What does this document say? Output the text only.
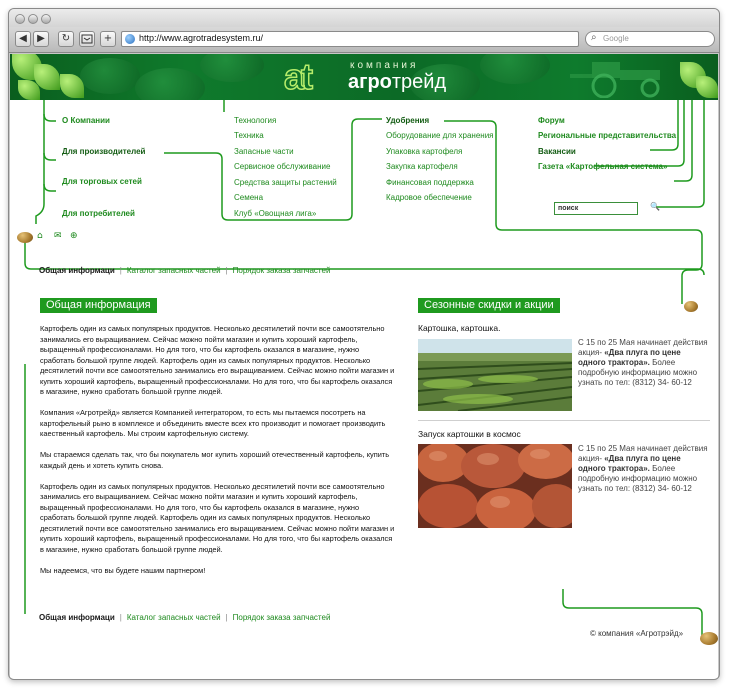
◀	▶	↻	+	http://www.agrotradesystem.ru/	⌕ Google
at	компания
агротрейд
О Компании
Для производителей
Для торговых сетей
Для потребителей
Технология
Техника
Запасные части
Сервисное обслуживание
Средства защиты растений
Семена
Клуб «Овощная лига»
Удобрения
Оборудование для хранения
Упаковка картофеля
Закупка картофеля
Финансовая поддержка
Кадровое обеспечение
Форум
Региональные представительства
Вакансии
Газета «Картофельная система»
поиск	🔍
⌂ ✉ ⊕
Общая информаци | Каталог запасных частей | Порядок заказа запчастей
Общая информация

Картофель один из самых популярных продуктов. Несколько десятилетий почти все самоотятельно занимались его выращиванием. Сейчас можно пойти магазин и купить хороший картофель, выращенный профессионалами. Но для того, что бы картофель оказался в магазине, нужно сработать большой группе людей. Картофель один из самых популярных продуктов. Несколько десятилетий почти все самоотятельно занимались его выращиванием. Сейчас можно пойти магазин и купить хороший картофель, выращенный профессионалами. Но для того, что бы картофель оказался в магазине, нужно сработать большой группе людей.

Компания «Агротрейд» является Компанией интегратором, то есть мы пытаемся посотреть на картофельный рыно в комплексе и объединить вместе всех кто производит и помогает производить каественный картофель. Мы строим картофельную систему.

Мы стараемся сделать так, что бы покупатель мог купить хороший отечественный картофель, купить каждый день и хотеть купить снова.

Картофель один из самых популярных продуктов. Несколько десятилетий почти все самоотятельно занимались его выращиванием. Сейчас можно пойти магазин и купить хороший картофель, выращенный профессионалами. Но для того, что бы картофель оказался в магазине, нужно сработать большой группе людей. Картофель один из самых популярных продуктов. Несколько десятилетий почти все самоотятельно занимались его выращиванием. Сейчас можно пойти магазин и купить хороший картофель, выращенный профессионалами. Но для того, что бы картофель оказался в магазине, нужно сработать большой группе людей.

Мы надеемся, что вы будете нашим партнером!

Сезонные скидки и акции
Картошка, картошка.
С 15 по 25 Мая начинает действия акция- «Два плуга по цене одного трактора». Более подробную информацию можно узнать по тел: (8312) 34- 60-12
Запуск картошки в космос
С 15 по 25 Мая начинает действия акция- «Два плуга по цене одного трактора». Более подробную информацию можно узнать по тел: (8312) 34- 60-12
Общая информаци | Каталог запасных частей | Порядок заказа запчастей
© компания «Агротрэйд»
